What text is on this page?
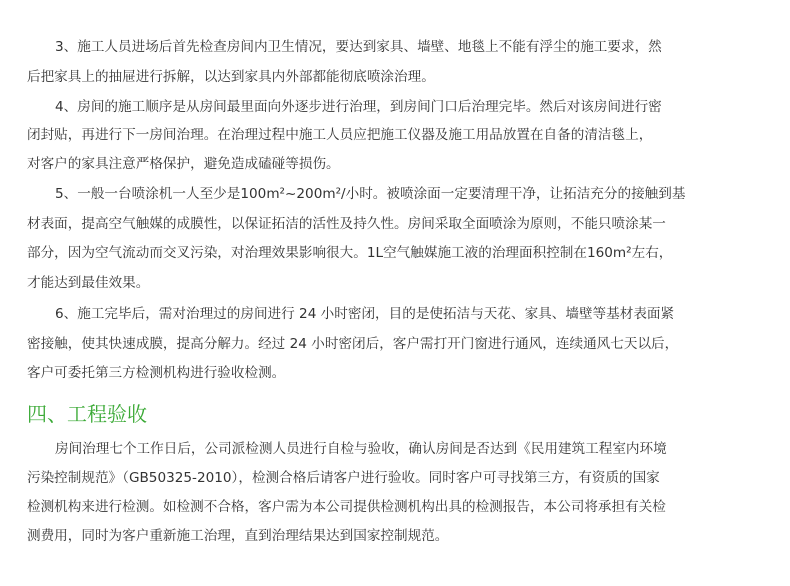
3、施工人员进场后首先检查房间内卫生情况，要达到家具、墙壁、地毯上不能有浮尘的施工要求，然
后把家具上的抽屉进行拆解，以达到家具内外部都能彻底喷涂治理。
4、房间的施工顺序是从房间最里面向外逐步进行治理，到房间门口后治理完毕。然后对该房间进行密
闭封贴，再进行下一房间治理。在治理过程中施工人员应把施工仪器及施工用品放置在自备的清洁毯上，
对客户的家具注意严格保护，避免造成磕碰等损伤。
5、一般一台喷涂机一人至少是100m²~200m²/小时。被喷涂面一定要清理干净，让拓洁充分的接触到基
材表面，提高空气触媒的成膜性，以保证拓洁的活性及持久性。房间采取全面喷涂为原则，不能只喷涂某一
部分，因为空气流动而交叉污染，对治理效果影响很大。1L空气触媒施工液的治理面积控制在160m²左右，
才能达到最佳效果。
6、施工完毕后，需对治理过的房间进行 24 小时密闭，目的是使拓洁与天花、家具、墙壁等基材表面紧
密接触，使其快速成膜，提高分解力。经过 24 小时密闭后，客户需打开门窗进行通风，连续通风七天以后，
客户可委托第三方检测机构进行验收检测。
四、工程验收
房间治理七个工作日后，公司派检测人员进行自检与验收，确认房间是否达到《民用建筑工程室内环境
污染控制规范》（GB50325-2010），检测合格后请客户进行验收。同时客户可寻找第三方，有资质的国家
检测机构来进行检测。如检测不合格，客户需为本公司提供检测机构出具的检测报告，本公司将承担有关检
测费用，同时为客户重新施工治理，直到治理结果达到国家控制规范。
